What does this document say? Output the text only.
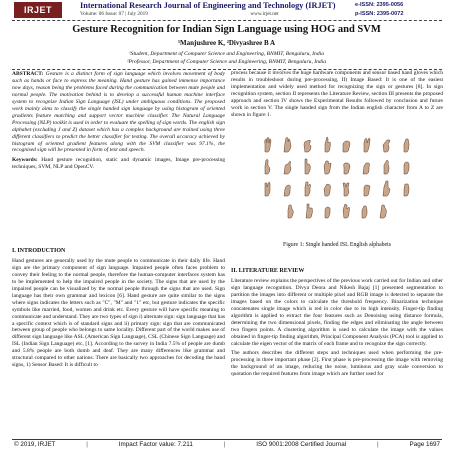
IRJET	International Research Journal of Engineering and Technology (IRJET)
Volume: 06 Issue: 07 | July 2019	www.irjet.net
e-ISSN: 2395-0056
p-ISSN: 2395-0072
Gesture Recognition for Indian Sign Language using HOG and SVM
¹Manjushree K, ²Divyashree B A
¹Student, Department of Computer Science and Engineering, BNMIT, Bengaluru, India
²Professor, Department of Computer Science and Engineering, BNMIT, Bengaluru, India

ABSTRACT: Gesture is a distinct form of sign language which involves movement of body such as hands or face to express the meaning. Hand gesture has gained immense importance now days, reason being the problems faced during the communication between mute people and normal people. The motivation behind is to develop a successful human machine interface system to recognize Indian Sign Language (ISL) under ambiguous conditions. The proposed work mainly aims to classify the single handed sign language by using histogram of oriented gradients feature matching and support vector machine classifier. The Natural Language Processing (NLP) toolkit is used in order to evaluate the spelling of sign words. The english sign alphabet (excluding J and Z) dataset which has a complex background are trained using three different classifiers to predict the better classifier for testing. The overall accuracy achieved by histogram of oriented gradient features along with the SVM classifier was 97.1%, the recognised sign will be presented in form of text and speech.

Keywords: Hand gesture recognition, static and dynamic images, Image pre-processing techniques, SVM, NLP and OpenCV.

I. INTRODUCTION

Hand gestures are generally used by the mute people to communicate in their daily life. Hand sign are the primary component of sign language. Impaired people often faces problem to convey their feeling to the normal people, therefore the human-computer interfaces system has to be implemented to help the impaired people in the society. The signs that are used by the impaired people can be visualized by the normal people through the signs that are used. Sign language has their own grammar and lexicon [6]. Hand gesture are quite similar to the signs where signs indicates the letters such as "C", "M" and "1" etc, but gesture indicates the specific symbols like married, food, women and drink etc. Every gesture will have specific meaning to communicate and understand. They are two types of sign i) alternate sign: sign language that has a specific context which is of standard signs and ii) primary sign: sign that are communicated between group of people who belongs to same locality. Different part of the world makes use of different sign language like ASL (American Sign Language), CSL (Chinese Sign Language) and ISL (Indian Sign Language) etc, [1]. According to the survey in India 7.5% of people are dumb and 5.8% people are both dumb and deaf. They are many differences like grammar and structural compared to other nations. There are basically two approaches for decoding the hand signs, 1) Sensor Based: It is difficult to

process because it involves the huge hardware components and sensor based hand gloves which results in troubleshoot during pre-processing, II) Image Based: It is one of the easiest implementation and widely used method for recognizing the sign or gestures [8]. In sign recognition system, section II represents the Literature Review, section III presents the proposed approach and section IV shows the Experimental Results followed by conclusion and future work in section V. The single handed sign from the Indian english character from A to Z are shown in figure 1.

Figure 1: Single handed ISL English alphabets

II. LITERATURE REVIEW

Literature review explains the perspectives of the previous work carried out for Indian and other sign language recognition. Divya Deora and Nikesh Bajaj [1] presented segmentation to partition the images into different or multiple pixel and RGB image is detected to separate the images based on the colors to calculate the threshold frequency. Binarization technique concatenates single image which is red in color due to its high intensity. Finger-tip finding algorithm is applied to extract the four features such as Denoising using distance formula, determining the two dimensional pixels, finding the edges and eliminating the angle between two fingers points. A clustering algorithm is used to calculate the image with the values obtained in finger-tip finding algorithm, Principal Component Analysis (PCA) tool is applied to calculate the eigen vector of the matrix of each frame and to recognize the sign correctly.

The authors describes the different steps and techniques used when performing the pre-processing in three important phase [2]. First phase is pre-processing the image with removing the background of an image, reducing the noise, luminous and gray scale conversion to quotation the required features from image which are further used for

© 2019, IRJET	|	Impact Factor value: 7.211	|	ISO 9001:2008 Certified Journal	|	Page 1697
